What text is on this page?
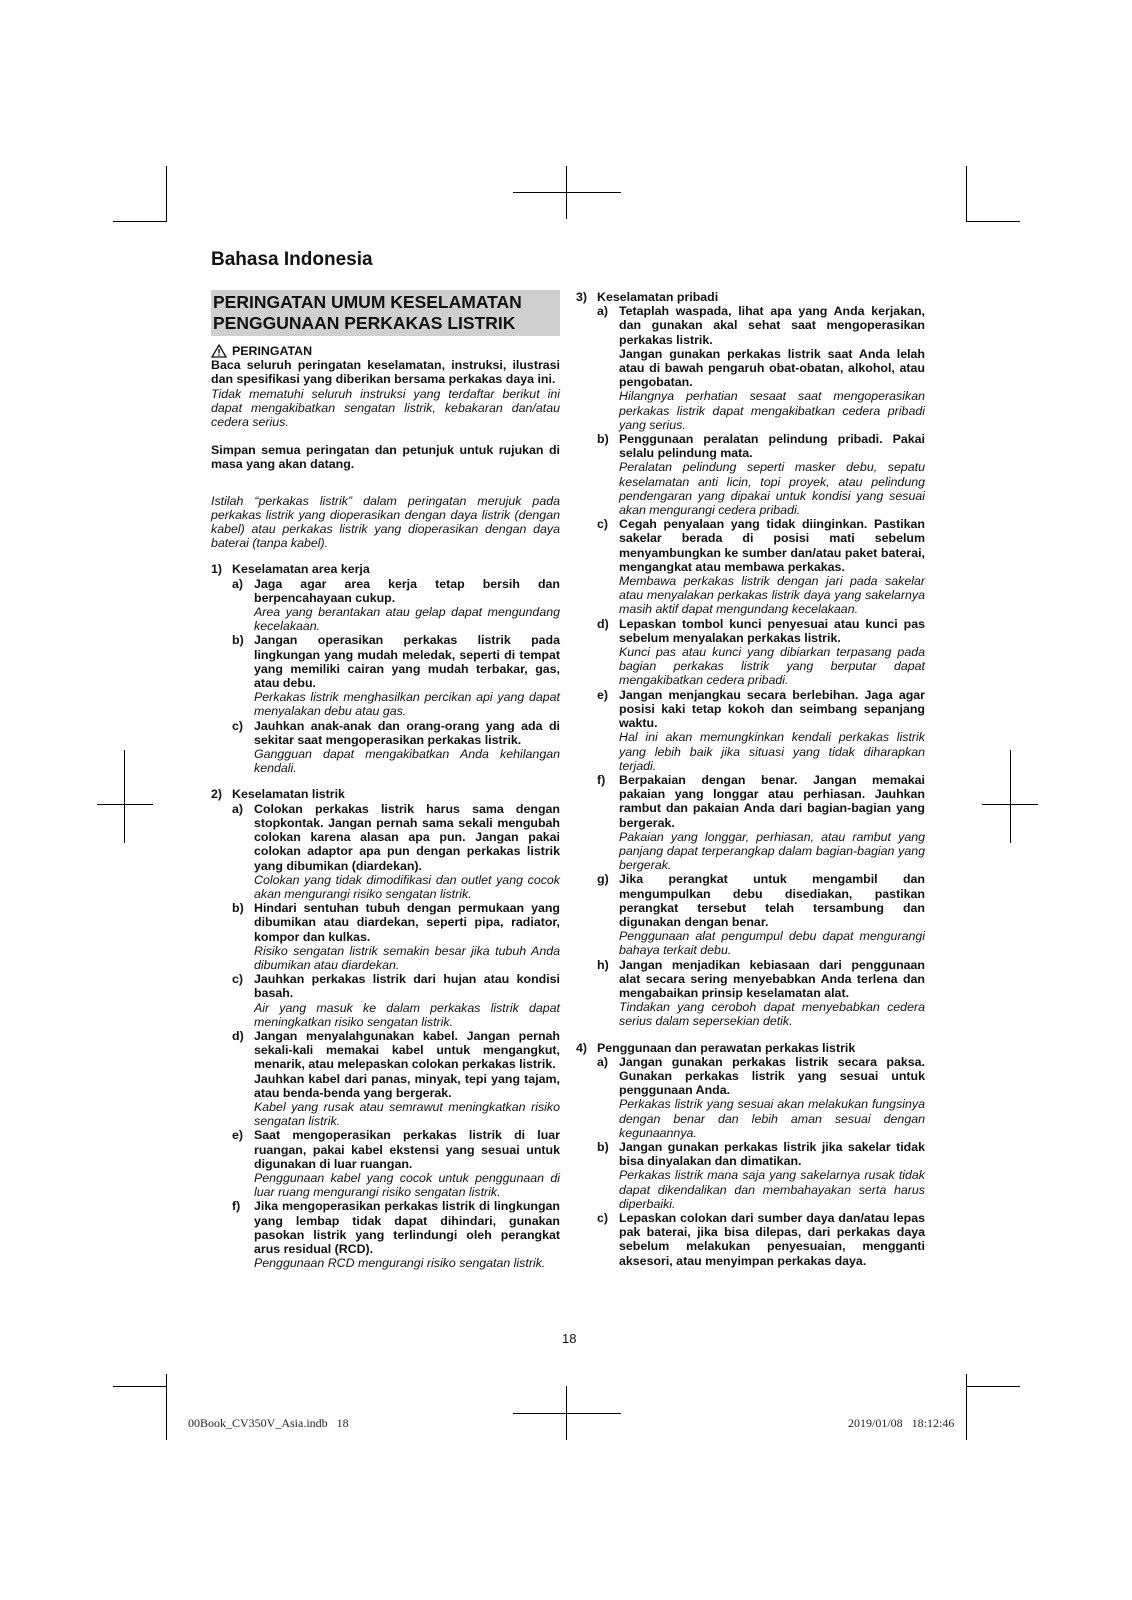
Bahasa Indonesia
PERINGATAN UMUM KESELAMATAN
PENGGUNAAN PERKAKAS LISTRIK
PERINGATAN
Baca seluruh peringatan keselamatan, instruksi, ilustrasi dan spesifikasi yang diberikan bersama perkakas daya ini.
Tidak mematuhi seluruh instruksi yang terdaftar berikut ini dapat mengakibatkan sengatan listrik, kebakaran dan/atau cedera serius.
Simpan semua peringatan dan petunjuk untuk rujukan di masa yang akan datang.
Istilah “perkakas listrik” dalam peringatan merujuk pada perkakas listrik yang dioperasikan dengan daya listrik (dengan kabel) atau perkakas listrik yang dioperasikan dengan daya baterai (tanpa kabel).
1) Keselamatan area kerja
a) Jaga agar area kerja tetap bersih dan berpencahayaan cukup.
Area yang berantakan atau gelap dapat mengundang kecelakaan.
b) Jangan operasikan perkakas listrik pada lingkungan yang mudah meledak, seperti di tempat yang memiliki cairan yang mudah terbakar, gas, atau debu.
Perkakas listrik menghasilkan percikan api yang dapat menyalakan debu atau gas.
c) Jauhkan anak-anak dan orang-orang yang ada di sekitar saat mengoperasikan perkakas listrik.
Gangguan dapat mengakibatkan Anda kehilangan kendali.
2) Keselamatan listrik
a) Colokan perkakas listrik harus sama dengan stopkontak. Jangan pernah sama sekali mengubah colokan karena alasan apa pun. Jangan pakai colokan adaptor apa pun dengan perkakas listrik yang dibumikan (diardekan).
Colokan yang tidak dimodifikasi dan outlet yang cocok akan mengurangi risiko sengatan listrik.
b) Hindari sentuhan tubuh dengan permukaan yang dibumikan atau diardekan, seperti pipa, radiator, kompor dan kulkas.
Risiko sengatan listrik semakin besar jika tubuh Anda dibumikan atau diardekan.
c) Jauhkan perkakas listrik dari hujan atau kondisi basah.
Air yang masuk ke dalam perkakas listrik dapat meningkatkan risiko sengatan listrik.
d) Jangan menyalahgunakan kabel. Jangan pernah sekali-kali memakai kabel untuk mengangkut, menarik, atau melepaskan colokan perkakas listrik.
Jauhkan kabel dari panas, minyak, tepi yang tajam, atau benda-benda yang bergerak.
Kabel yang rusak atau semrawut meningkatkan risiko sengatan listrik.
e) Saat mengoperasikan perkakas listrik di luar ruangan, pakai kabel ekstensi yang sesuai untuk digunakan di luar ruangan.
Penggunaan kabel yang cocok untuk penggunaan di luar ruang mengurangi risiko sengatan listrik.
f)	Jika mengoperasikan perkakas listrik di lingkungan yang lembap tidak dapat dihindari, gunakan pasokan listrik yang terlindungi oleh perangkat arus residual (RCD).
Penggunaan RCD mengurangi risiko sengatan listrik.
3) Keselamatan pribadi
a) Tetaplah waspada, lihat apa yang Anda kerjakan, dan gunakan akal sehat saat mengoperasikan perkakas listrik.
Jangan gunakan perkakas listrik saat Anda lelah atau di bawah pengaruh obat-obatan, alkohol, atau pengobatan.
Hilangnya perhatian sesaat saat mengoperasikan perkakas listrik dapat mengakibatkan cedera pribadi yang serius.
b) Penggunaan peralatan pelindung pribadi. Pakai selalu pelindung mata.
Peralatan pelindung seperti masker debu, sepatu keselamatan anti licin, topi proyek, atau pelindung pendengaran yang dipakai untuk kondisi yang sesuai akan mengurangi cedera pribadi.
c) Cegah penyalaan yang tidak diinginkan. Pastikan sakelar berada di posisi mati sebelum menyambungkan ke sumber dan/atau paket baterai, mengangkat atau membawa perkakas.
Membawa perkakas listrik dengan jari pada sakelar atau menyalakan perkakas listrik daya yang sakelarnya masih aktif dapat mengundang kecelakaan.
d) Lepaskan tombol kunci penyesuai atau kunci pas sebelum menyalakan perkakas listrik.
Kunci pas atau kunci yang dibiarkan terpasang pada bagian perkakas listrik yang berputar dapat mengakibatkan cedera pribadi.
e) Jangan menjangkau secara berlebihan. Jaga agar posisi kaki tetap kokoh dan seimbang sepanjang waktu.
Hal ini akan memungkinkan kendali perkakas listrik yang lebih baik jika situasi yang tidak diharapkan terjadi.
f)	Berpakaian dengan benar. Jangan memakai pakaian yang longgar atau perhiasan. Jauhkan rambut dan pakaian Anda dari bagian-bagian yang bergerak.
Pakaian yang longgar, perhiasan, atau rambut yang panjang dapat terperangkap dalam bagian-bagian yang bergerak.
g) Jika perangkat untuk mengambil dan mengumpulkan debu disediakan, pastikan perangkat tersebut telah tersambung dan digunakan dengan benar.
Penggunaan alat pengumpul debu dapat mengurangi bahaya terkait debu.
h) Jangan menjadikan kebiasaan dari penggunaan alat secara sering menyebabkan Anda terlena dan mengabaikan prinsip keselamatan alat.
Tindakan yang ceroboh dapat menyebabkan cedera serius dalam sepersekian detik.
4) Penggunaan dan perawatan perkakas listrik
a) Jangan gunakan perkakas listrik secara paksa. Gunakan perkakas listrik yang sesuai untuk penggunaan Anda.
Perkakas listrik yang sesuai akan melakukan fungsinya dengan benar dan lebih aman sesuai dengan kegunaannya.
b) Jangan gunakan perkakas listrik jika sakelar tidak bisa dinyalakan dan dimatikan.
Perkakas listrik mana saja yang sakelarnya rusak tidak dapat dikendalikan dan membahayakan serta harus diperbaiki.
c) Lepaskan colokan dari sumber daya dan/atau lepas pak baterai, jika bisa dilepas, dari perkakas daya sebelum melakukan penyesuaian, mengganti aksesori, atau menyimpan perkakas daya.
18
00Book_CV350V_Asia.indb   18	2019/01/08   18:12:46
